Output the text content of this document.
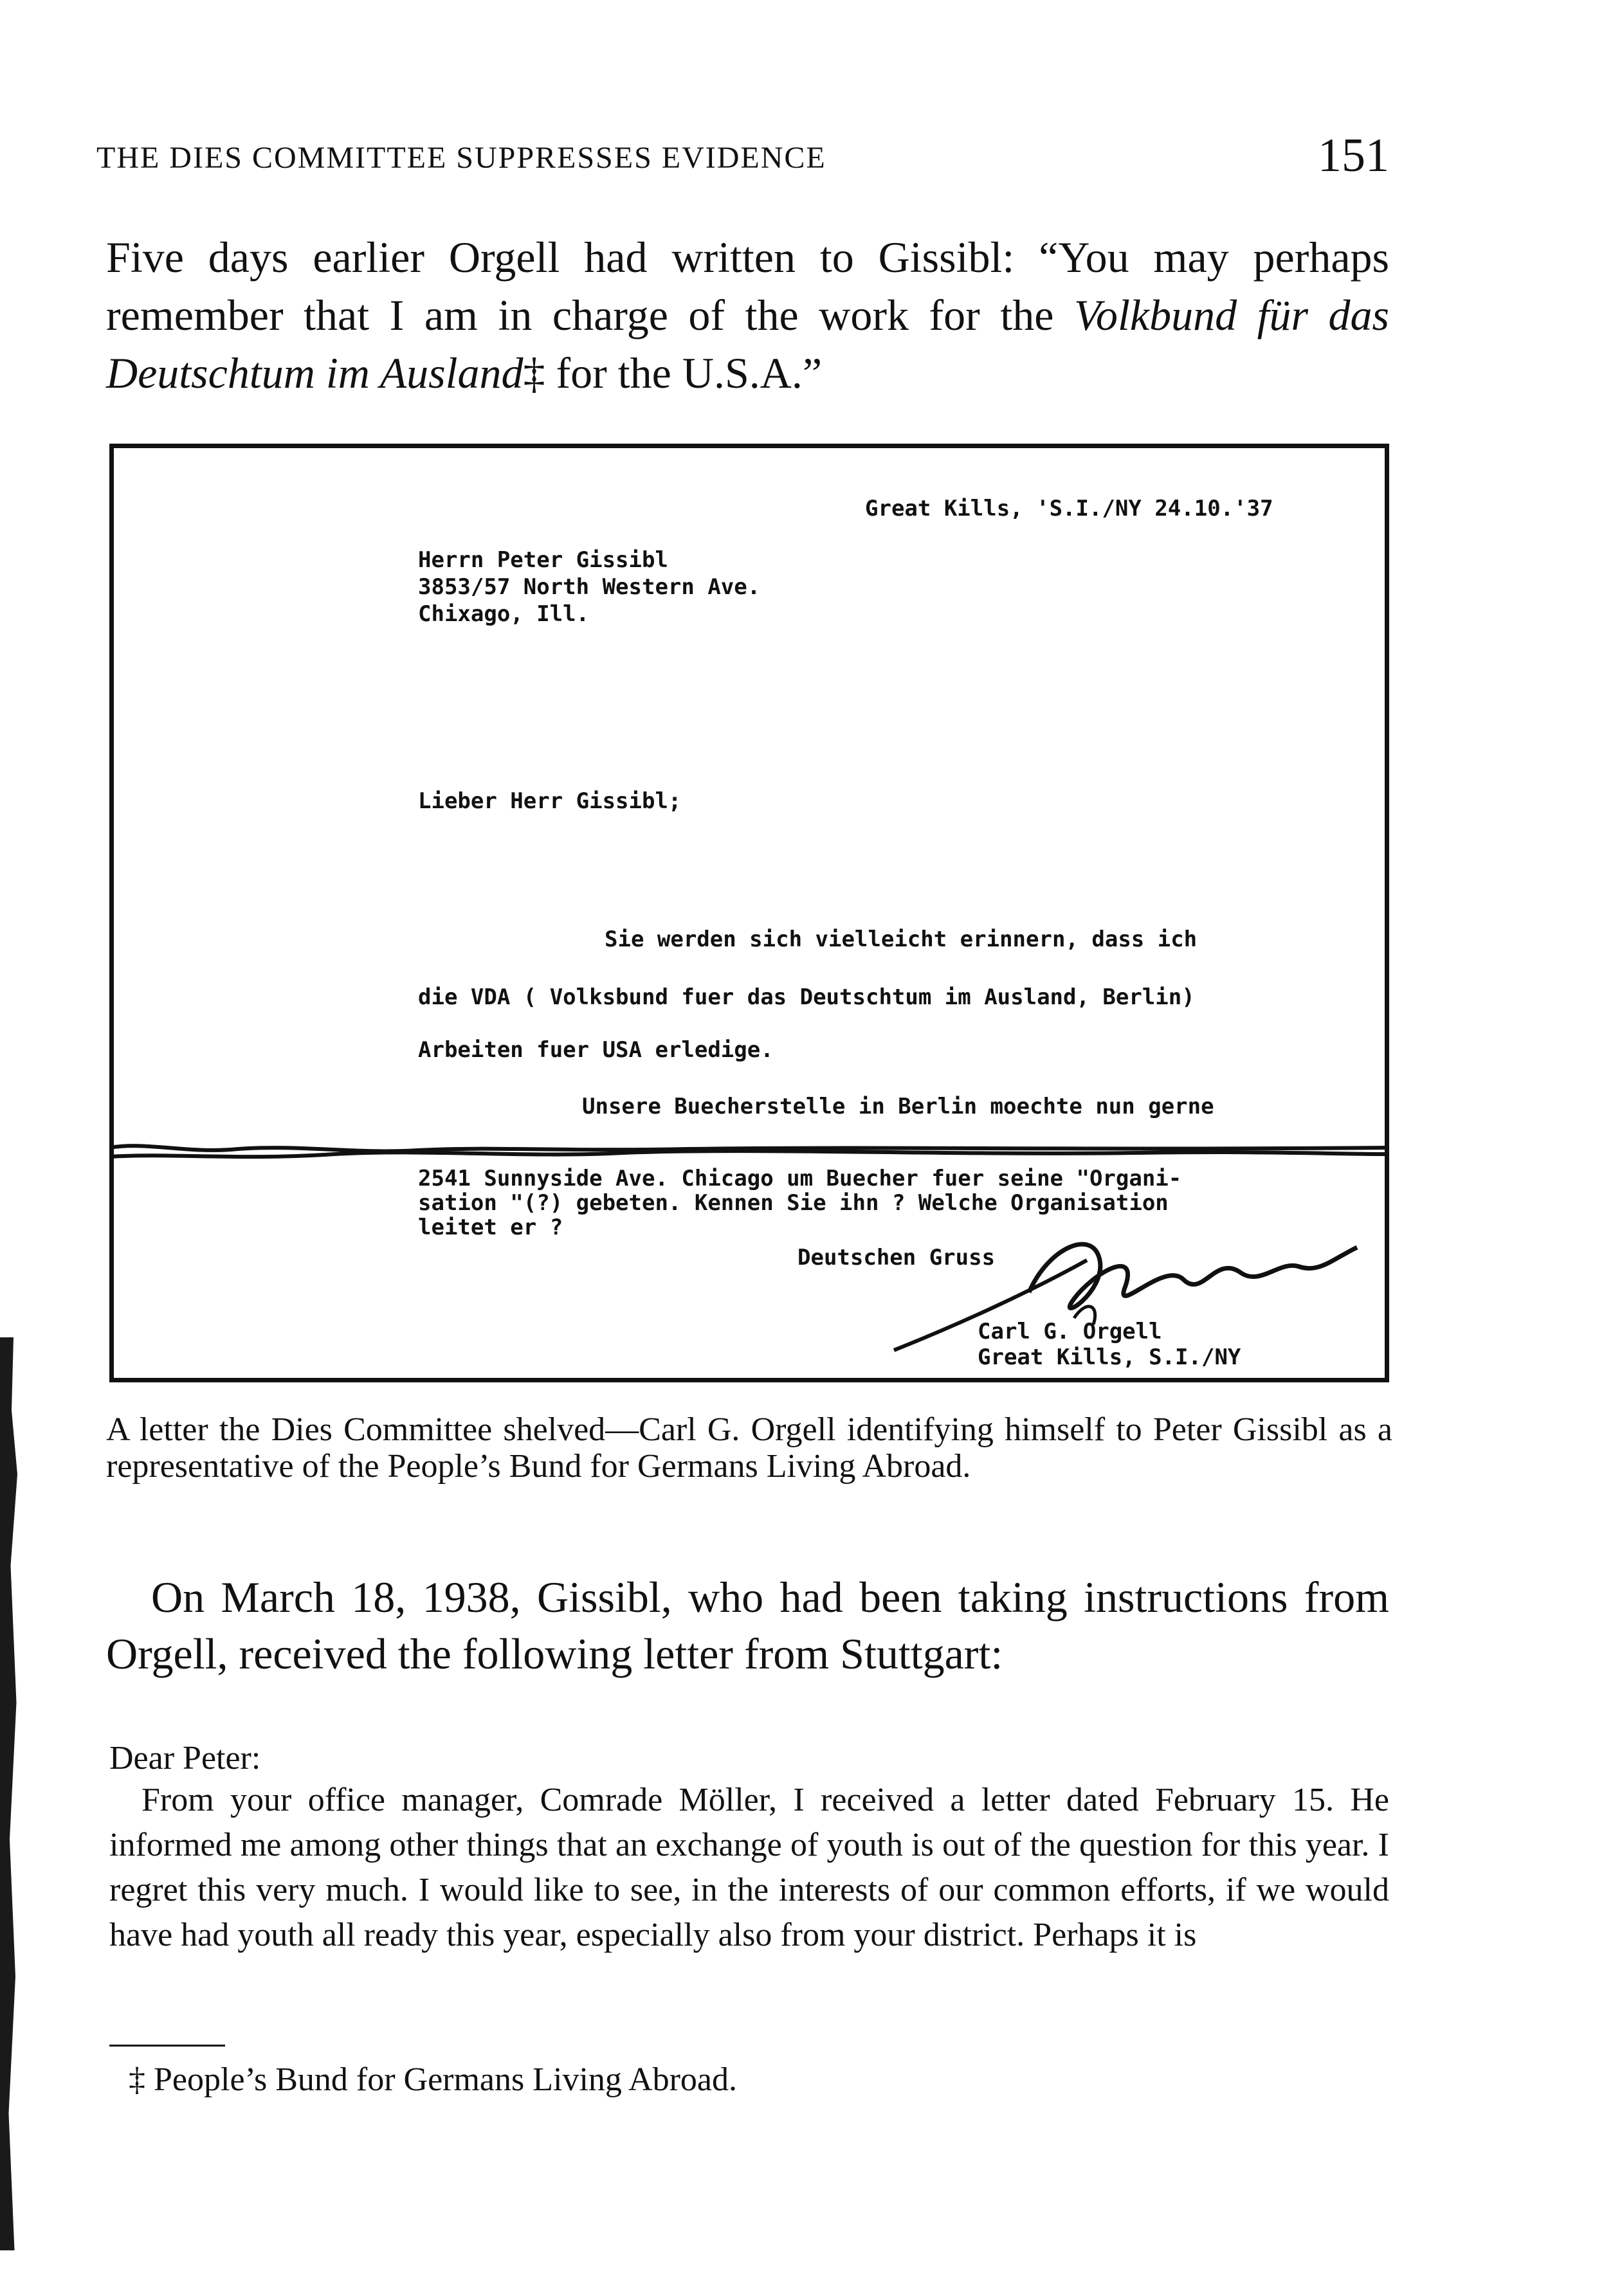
THE DIES COMMITTEE SUPPRESSES EVIDENCE	151

Five days earlier Orgell had written to Gissibl: “You may perhaps remember that I am in charge of the work for the Volkbund für das Deutschtum im Ausland‡ for the U.S.A.”

Great Kills, 'S.I./NY 24.10.'37
Herrn Peter Gissibl
3853/57 North Western Ave.
Chixago, Ill.
Lieber Herr Gissibl;
Sie werden sich vielleicht erinnern, dass ich
die VDA ( Volksbund fuer das Deutschtum im Ausland, Berlin)
Arbeiten fuer USA erledige.
Unsere Buecherstelle in Berlin moechte nun gerne
2541 Sunnyside Ave. Chicago um Buecher fuer seine "Organi-
sation "(?) gebeten. Kennen Sie ihn ? Welche Organisation
leitet er ?
Deutschen Gruss
Carl G. Orgell
Great Kills, S.I./NY

A letter the Dies Committee shelved—Carl G. Orgell identifying himself to Peter Gissibl as a representative of the People’s Bund for Germans Living Abroad.

On March 18, 1938, Gissibl, who had been taking instructions from Orgell, received the following letter from Stuttgart:

Dear Peter:

From your office manager, Comrade Möller, I received a letter dated February 15. He informed me among other things that an exchange of youth is out of the question for this year. I regret this very much. I would like to see, in the interests of our common efforts, if we would have had youth all ready this year, especially also from your district. Perhaps it is

‡ People’s Bund for Germans Living Abroad.
